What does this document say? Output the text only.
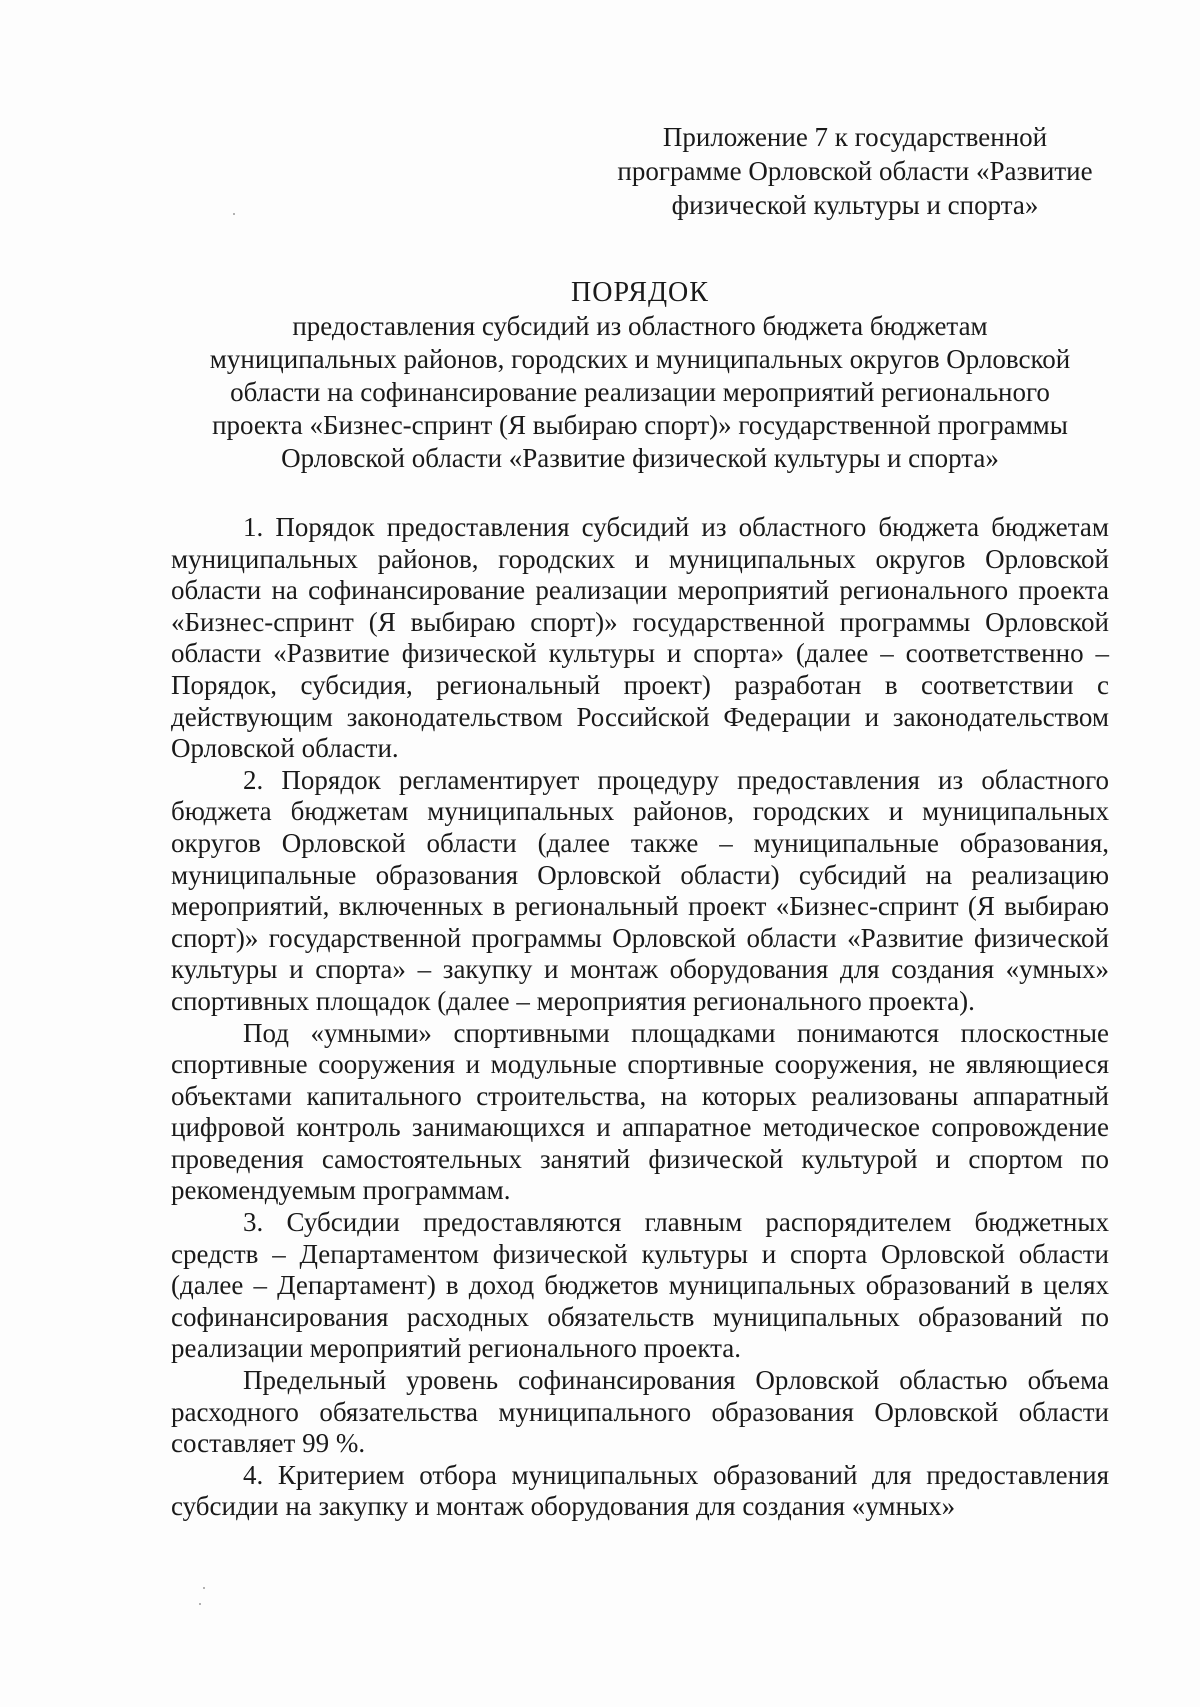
Приложение 7 к государственной
программе Орловской области «Развитие
физической культуры и спорта»
ПОРЯДОК
предоставления субсидий из областного бюджета бюджетам
муниципальных районов, городских и муниципальных округов Орловской
области на софинансирование реализации мероприятий регионального
проекта «Бизнес-спринт (Я выбираю спорт)» государственной программы
Орловской области «Развитие физической культуры и спорта»

1. Порядок предоставления субсидий из областного бюджета бюджетам муниципальных районов, городских и муниципальных округов Орловской области на софинансирование реализации мероприятий регионального проекта «Бизнес-спринт (Я выбираю спорт)» государственной программы Орловской области «Развитие физической культуры и спорта» (далее – соответственно – Порядок, субсидия, региональный проект) разработан в соответствии с действующим законодательством Российской Федерации и законодательством Орловской области.

2. Порядок регламентирует процедуру предоставления из областного бюджета бюджетам муниципальных районов, городских и муниципальных округов Орловской области (далее также – муниципальные образования, муниципальные образования Орловской области) субсидий на реализацию мероприятий, включенных в региональный проект «Бизнес-спринт (Я выбираю спорт)» государственной программы Орловской области «Развитие физической культуры и спорта» – закупку и монтаж оборудования для создания «умных» спортивных площадок (далее – мероприятия регионального проекта).

Под «умными» спортивными площадками понимаются плоскостные спортивные сооружения и модульные спортивные сооружения, не являющиеся объектами капитального строительства, на которых реализованы аппаратный цифровой контроль занимающихся и аппаратное методическое сопровождение проведения самостоятельных занятий физической культурой и спортом по рекомендуемым программам.

3. Субсидии предоставляются главным распорядителем бюджетных средств – Департаментом физической культуры и спорта Орловской области (далее – Департамент) в доход бюджетов муниципальных образований в целях софинансирования расходных обязательств муниципальных образований по реализации мероприятий регионального проекта.

Предельный уровень софинансирования Орловской областью объема расходного обязательства муниципального образования Орловской области составляет 99 %.

4. Критерием отбора муниципальных образований для предоставления субсидии на закупку и монтаж оборудования для создания «умных»
